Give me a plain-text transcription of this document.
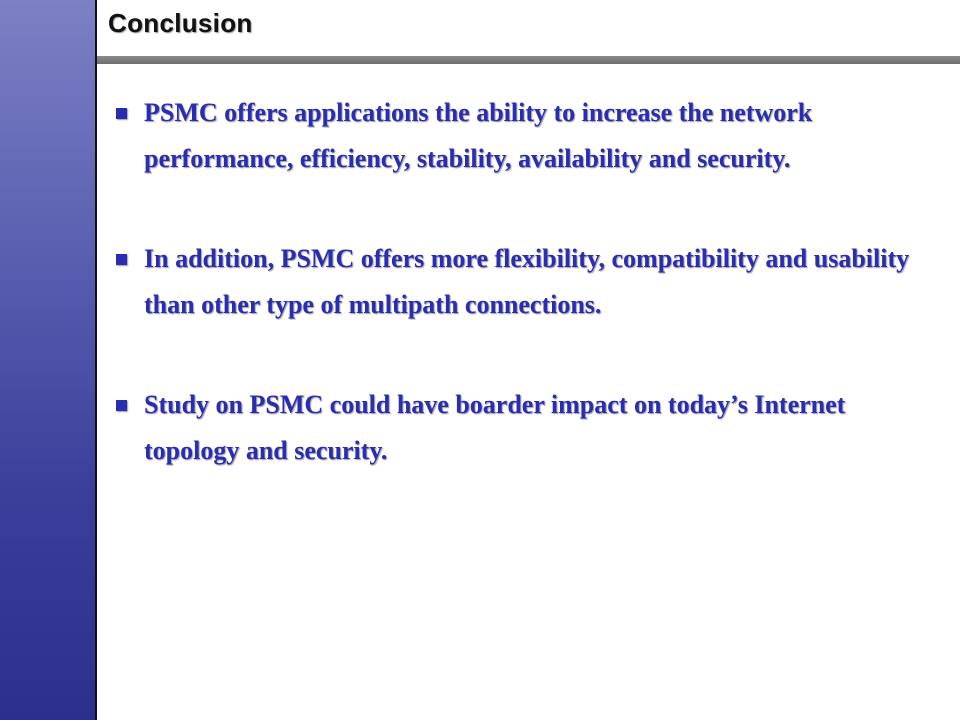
Conclusion
PSMC offers applications the ability to increase the network performance, efficiency, stability, availability and security.
In addition, PSMC offers more flexibility, compatibility and usability than other type of multipath connections.
Study on PSMC could have boarder impact on today’s Internet topology and security.
